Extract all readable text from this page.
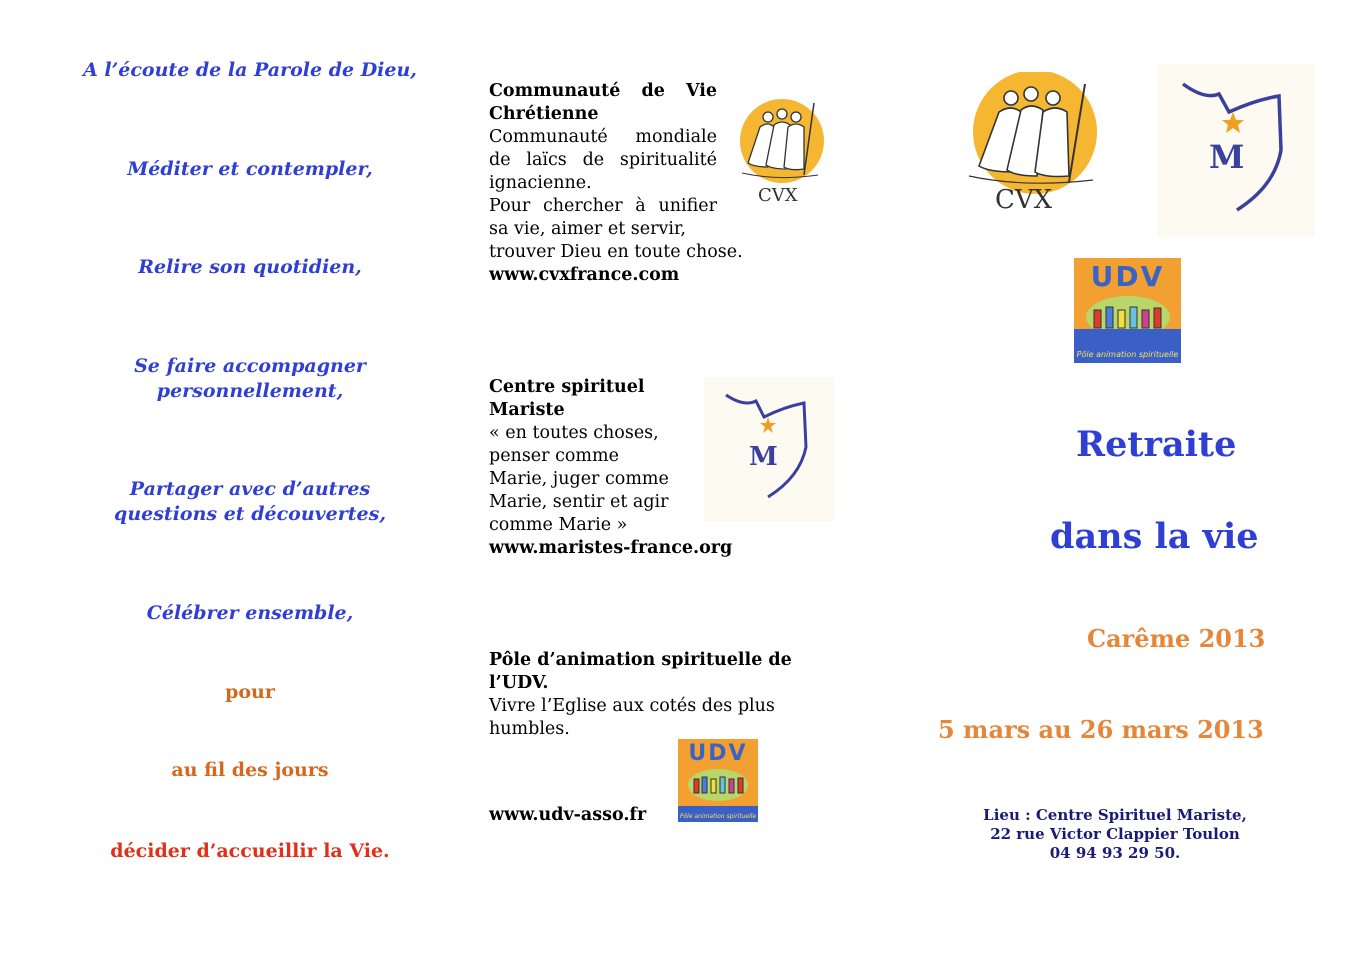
A l’écoute de la Parole de Dieu,
Méditer et contempler,
Relire son quotidien,
Se faire accompagner
personnellement,
Partager avec d’autres
questions et découvertes,
Célébrer ensemble,
pour
au fil des jours
décider d’accueillir la Vie.
Communauté de Vie
Chrétienne
Communauté mondiale
de laïcs de spiritualité
ignacienne.
Pour chercher à unifier
sa vie, aimer et servir,
trouver Dieu en toute chose.
www.cvxfrance.com
CVX
Centre spirituel
Mariste
« en toutes choses,
penser comme
Marie, juger comme
Marie, sentir et agir
comme Marie »
www.maristes-france.org
M
Pôle d’animation spirituelle de
l’UDV.
Vivre l’Eglise aux cotés des plus
humbles.
www.udv-asso.fr
UDV
Pôle animation spirituelle
CVX
M
UDV
Pôle animation spirituelle
Retraite
dans la vie
Carême 2013
5 mars au 26 mars 2013
Lieu : Centre Spirituel Mariste,
22 rue Victor Clappier Toulon
04 94 93 29 50.
